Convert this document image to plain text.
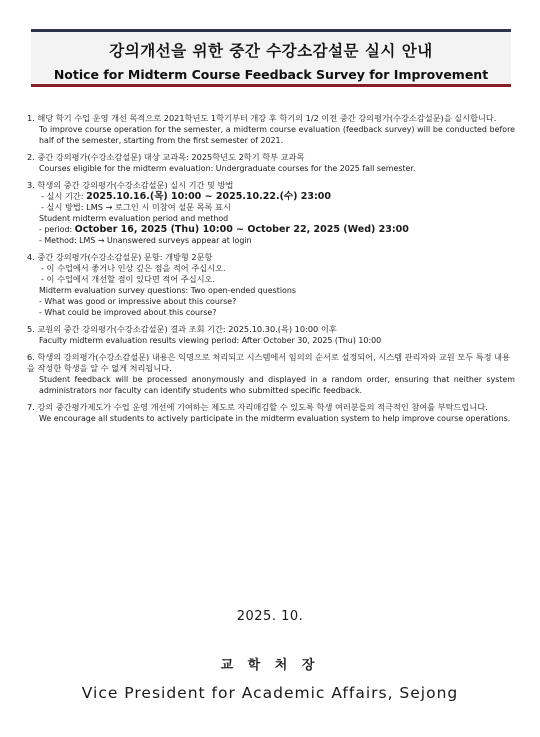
강의개선을 위한 중간 수강소감설문 실시 안내
Notice for Midterm Course Feedback Survey for Improvement
1. 해당 학기 수업 운영 개선 목적으로 2021학년도 1학기부터 개강 후 학기의 1/2 이전 중간 강의평가(수강소감설문)을 실시합니다.
To improve course operation for the semester, a midterm course evaluation (feedback survey) will be conducted before half of the semester, starting from the first semester of 2021.
2. 중간 강의평가(수강소감설문) 대상 교과목: 2025학년도 2학기 학부 교과목
Courses eligible for the midterm evaluation: Undergraduate courses for the 2025 fall semester.
3. 학생의 중간 강의평가(수강소감설문) 실시 기간 및 방법
- 실시 기간: 2025.10.16.(목) 10:00 ~ 2025.10.22.(수) 23:00
- 실시 방법: LMS → 로그인 시 미참여 설문 목록 표시
Student midterm evaluation period and method
- period: October 16, 2025 (Thu) 10:00 ~ October 22, 2025 (Wed) 23:00
- Method: LMS → Unanswered surveys appear at login
4. 중간 강의평가(수강소감설문) 문항: 개방형 2문항
- 이 수업에서 좋거나 인상 깊은 점을 적어 주십시오.
- 이 수업에서 개선할 점이 있다면 적어 주십시오.
Midterm evaluation survey questions: Two open-ended questions
- What was good or impressive about this course?
- What could be improved about this course?
5. 교원의 중간 강의평가(수강소감설문) 결과 조회 기간: 2025.10.30.(목) 10:00 이후
Faculty midterm evaluation results viewing period: After October 30, 2025 (Thu) 10:00
6. 학생의 강의평가(수강소감설문) 내용은 익명으로 처리되고 시스템에서 임의의 순서로 설정되어, 시스템 관리자와 교원 모두 특정 내용을 작성한 학생을 알 수 없게 처리됩니다.
Student feedback will be processed anonymously and displayed in a random order, ensuring that neither system administrators nor faculty can identify students who submitted specific feedback.
7. 강의 중간평가제도가 수업 운영 개선에 기여하는 제도로 자리매김할 수 있도록 학생 여러분들의 적극적인 참여를 부탁드립니다.
We encourage all students to actively participate in the midterm evaluation system to help improve course operations.
2025. 10.
교 학 처 장
Vice President for Academic Affairs, Sejong
